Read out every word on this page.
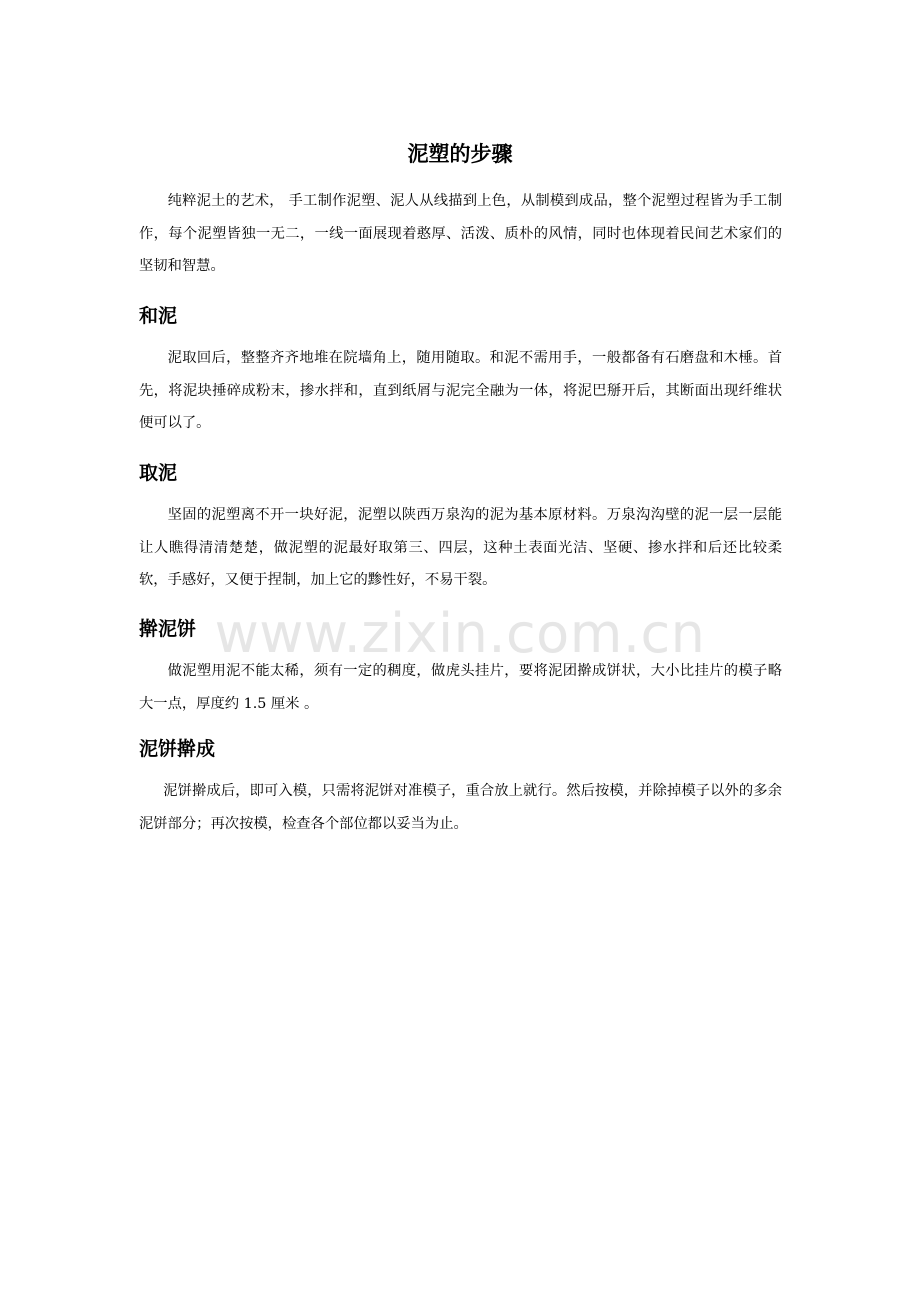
泥塑的步骤

纯粹泥土的艺术， 手工制作泥塑、泥人从线描到上色，从制模到成品，整个泥塑过程皆为手工制作，每个泥塑皆独一无二，一线一面展现着憨厚、活泼、质朴的风情，同时也体现着民间艺术家们的坚韧和智慧。

和泥

泥取回后，整整齐齐地堆在院墙角上，随用随取。和泥不需用手，一般都备有石磨盘和木棰。首先，将泥块捶碎成粉末，掺水拌和，直到纸屑与泥完全融为一体，将泥巴掰开后，其断面出现纤维状便可以了。

取泥

坚固的泥塑离不开一块好泥，泥塑以陕西万泉沟的泥为基本原材料。万泉沟沟壁的泥一层一层能让人瞧得清清楚楚，做泥塑的泥最好取第三、四层，这种土表面光洁、坚硬、掺水拌和后还比较柔软，手感好，又便于捏制，加上它的黪性好，不易干裂。

擀泥饼

做泥塑用泥不能太稀，须有一定的稠度，做虎头挂片，要将泥团擀成饼状，大小比挂片的模子略大一点，厚度约 1.5 厘米 。

泥饼擀成

泥饼擀成后，即可入模，只需将泥饼对准模子，重合放上就行。然后按模，并除掉模子以外的多余泥饼部分；再次按模，检查各个部位都以妥当为止。

www.zixin.com.cn
